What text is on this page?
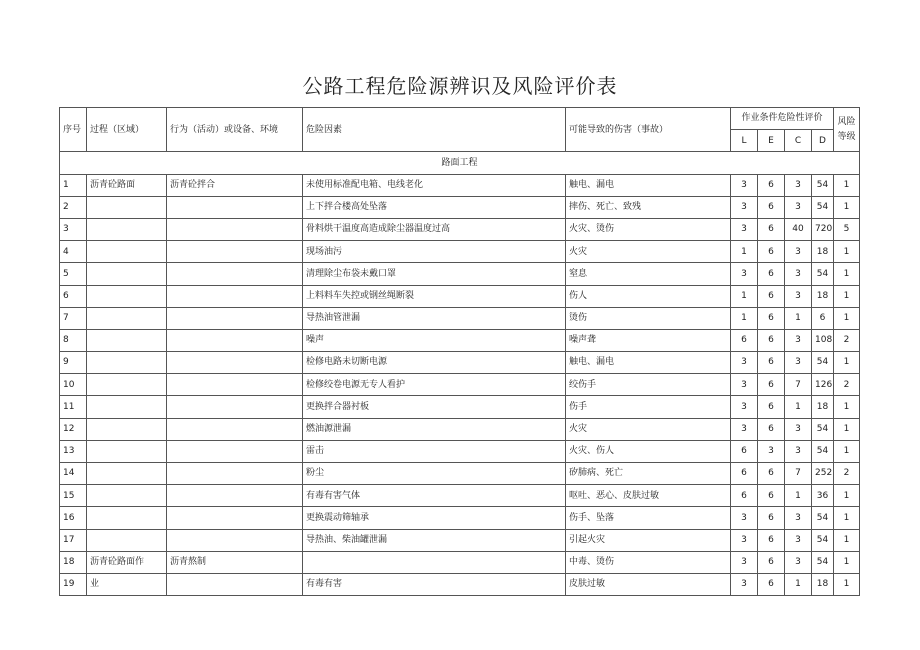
公路工程危险源辨识及风险评价表
序号	过程（区域）	行为（活动）或设备、环境	危险因素	可能导致的伤害（事故）	作业条件危险性评价				风险等级
					L	E	C	D	
路面工程									
1	沥青砼路面	沥青砼拌合	未使用标准配电箱、电线老化	触电、漏电	3	6	3	54	1
2			上下拌合楼高处坠落	摔伤、死亡、致残	3	6	3	54	1
3			骨料烘干温度高造成除尘器温度过高	火灾、烫伤	3	6	40	720	5
4			现场油污	火灾	1	6	3	18	1
5			清理除尘布袋未戴口罩	窒息	3	6	3	54	1
6			上料料车失控或钢丝绳断裂	伤人	1	6	3	18	1
7			导热油管泄漏	烫伤	1	6	1	6	1
8			噪声	噪声聋	6	6	3	108	2
9			检修电路未切断电源	触电、漏电	3	6	3	54	1
10			检修绞卷电源无专人看护	绞伤手	3	6	7	126	2
11			更换拌合器衬板	伤手	3	6	1	18	1
12			燃油源泄漏	火灾	3	6	3	54	1
13			雷击	火灾、伤人	6	3	3	54	1
14			粉尘	矽肺病、死亡	6	6	7	252	2
15			有毒有害气体	呕吐、恶心、皮肤过敏	6	6	1	36	1
16			更换震动筛轴承	伤手、坠落	3	6	3	54	1
17			导热油、柴油罐泄漏	引起火灾	3	6	3	54	1
18	沥青砼路面作	沥青熬制		中毒、烫伤	3	6	3	54	1
19	业		有毒有害	皮肤过敏	3	6	1	18	1
